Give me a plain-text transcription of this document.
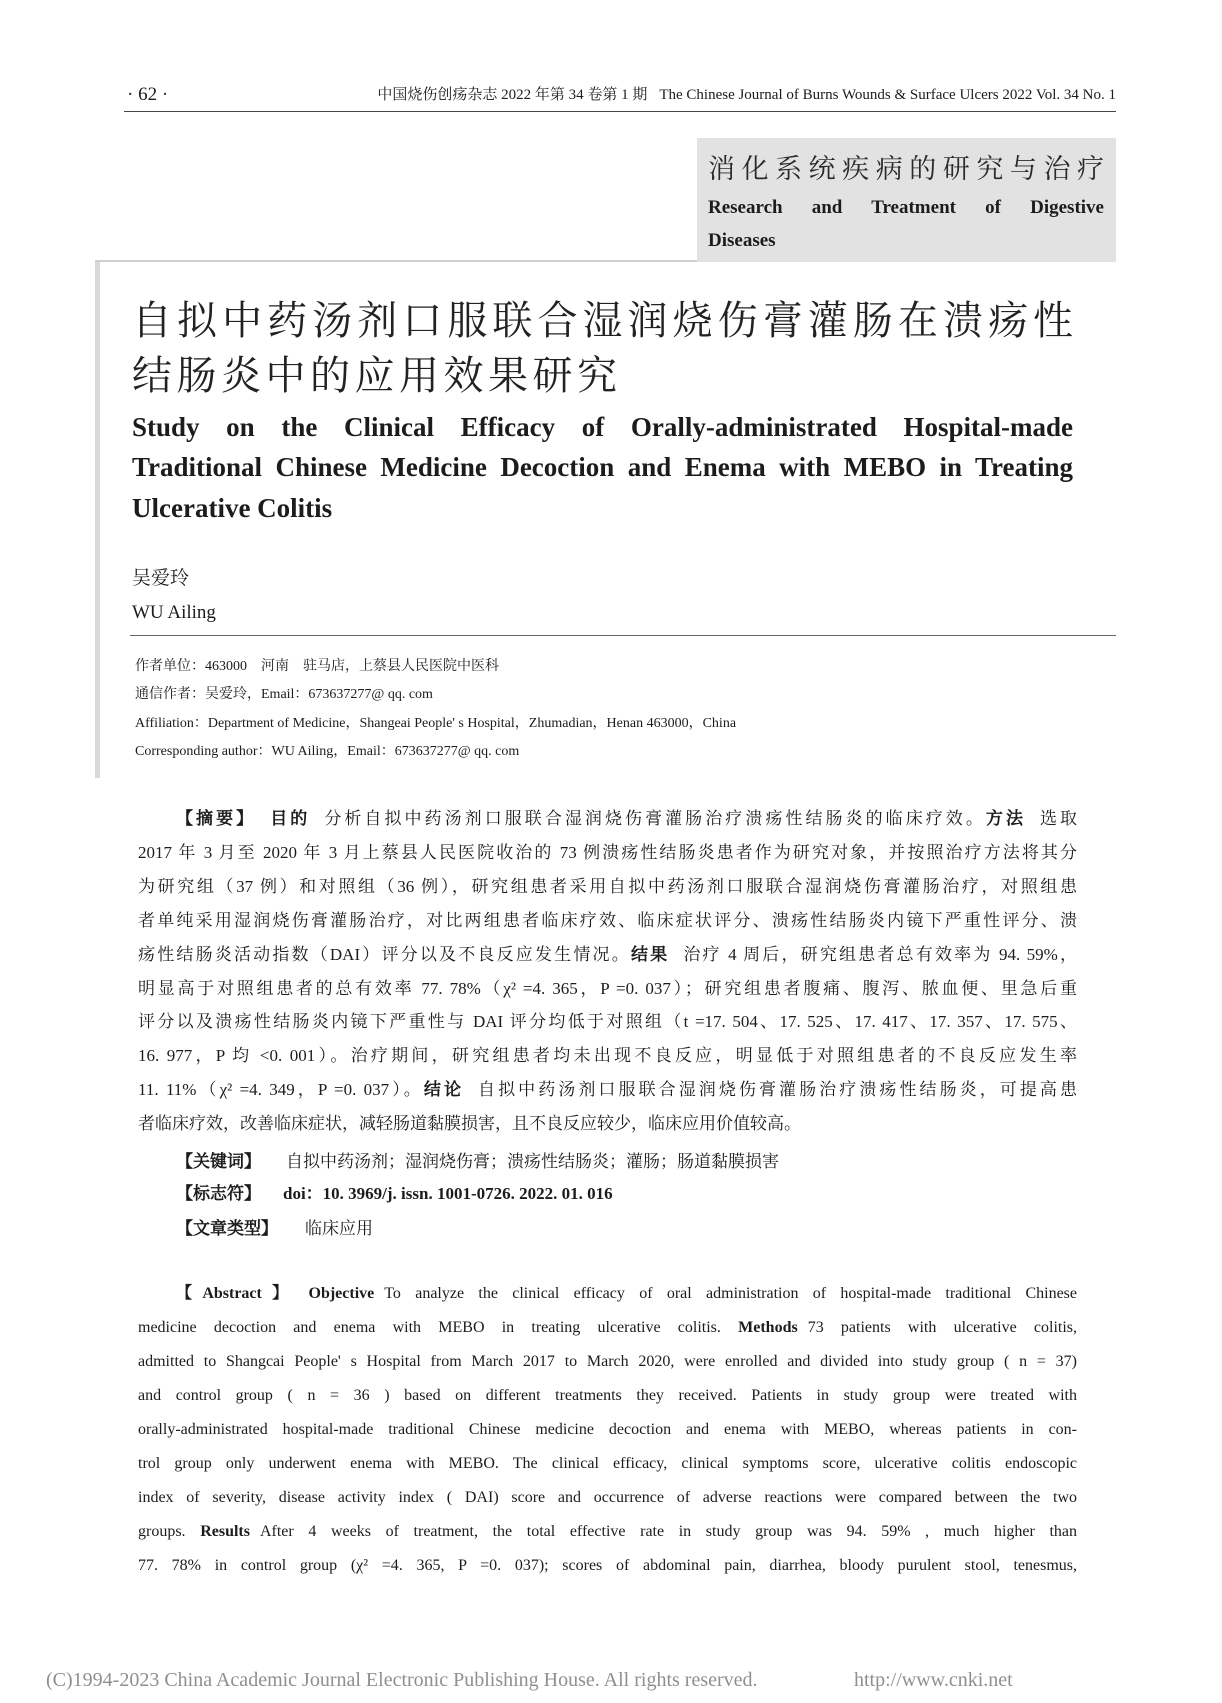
· 62 ·	中国烧伤创疡杂志 2022 年第 34 卷第 1 期 The Chinese Journal of Burns Wounds & Surface Ulcers 2022 Vol. 34 No. 1
消化系统疾病的研究与治疗
Research and Treatment of Digestive
Diseases
自拟中药汤剂口服联合湿润烧伤膏灌肠在溃疡性
结肠炎中的应用效果研究
Study on the Clinical Efficacy of Orally-administrated Hospital-made
Traditional Chinese Medicine Decoction and Enema with MEBO in Treating
Ulcerative Colitis
吴爱玲
WU Ailing
作者单位：463000　河南　驻马店，上蔡县人民医院中医科
通信作者：吴爱玲，Email：673637277@ qq. com
Affiliation：Department of Medicine，Shangeai People' s Hospital，Zhumadian，Henan 463000，China
Corresponding author：WU Ailing，Email：673637277@ qq. com
【摘要】 目的 分析自拟中药汤剂口服联合湿润烧伤膏灌肠治疗溃疡性结肠炎的临床疗效。方法 选取
2017 年 3 月至 2020 年 3 月上蔡县人民医院收治的 73 例溃疡性结肠炎患者作为研究对象，并按照治疗方法将其分
为研究组（37 例）和对照组（36 例），研究组患者采用自拟中药汤剂口服联合湿润烧伤膏灌肠治疗，对照组患
者单纯采用湿润烧伤膏灌肠治疗，对比两组患者临床疗效、临床症状评分、溃疡性结肠炎内镜下严重性评分、溃
疡性结肠炎活动指数（DAI）评分以及不良反应发生情况。结果 治疗 4 周后，研究组患者总有效率为 94. 59%，
明显高于对照组患者的总有效率 77. 78%（χ² =4. 365，P =0. 037）；研究组患者腹痛、腹泻、脓血便、里急后重
评分以及溃疡性结肠炎内镜下严重性与 DAI 评分均低于对照组（t =17. 504、17. 525、17. 417、17. 357、17. 575、
16. 977，P 均 <0. 001）。治疗期间，研究组患者均未出现不良反应，明显低于对照组患者的不良反应发生率
11. 11%（χ² =4. 349，P =0. 037）。结论 自拟中药汤剂口服联合湿润烧伤膏灌肠治疗溃疡性结肠炎，可提高患
者临床疗效，改善临床症状，减轻肠道黏膜损害，且不良反应较少，临床应用价值较高。
【关键词】 自拟中药汤剂；湿润烧伤膏；溃疡性结肠炎；灌肠；肠道黏膜损害
【标志符】 doi：10. 3969/j. issn. 1001-0726. 2022. 01. 016
【文章类型】 临床应用
【Abstract】 Objective To analyze the clinical efficacy of oral administration of hospital-made traditional Chinese
medicine decoction and enema with MEBO in treating ulcerative colitis. Methods 73 patients with ulcerative colitis,
admitted to Shangcai People' s Hospital from March 2017 to March 2020, were enrolled and divided into study group ( n = 37)
and control group ( n = 36 ) based on different treatments they received. Patients in study group were treated with
orally-administrated hospital-made traditional Chinese medicine decoction and enema with MEBO, whereas patients in con-
trol group only underwent enema with MEBO. The clinical efficacy, clinical symptoms score, ulcerative colitis endoscopic
index of severity, disease activity index ( DAI) score and occurrence of adverse reactions were compared between the two
groups. Results After 4 weeks of treatment, the total effective rate in study group was 94. 59% , much higher than
77. 78% in control group (χ² =4. 365, P =0. 037); scores of abdominal pain, diarrhea, bloody purulent stool, tenesmus,
(C)1994-2023 China Academic Journal Electronic Publishing House. All rights reserved.	http://www.cnki.net
